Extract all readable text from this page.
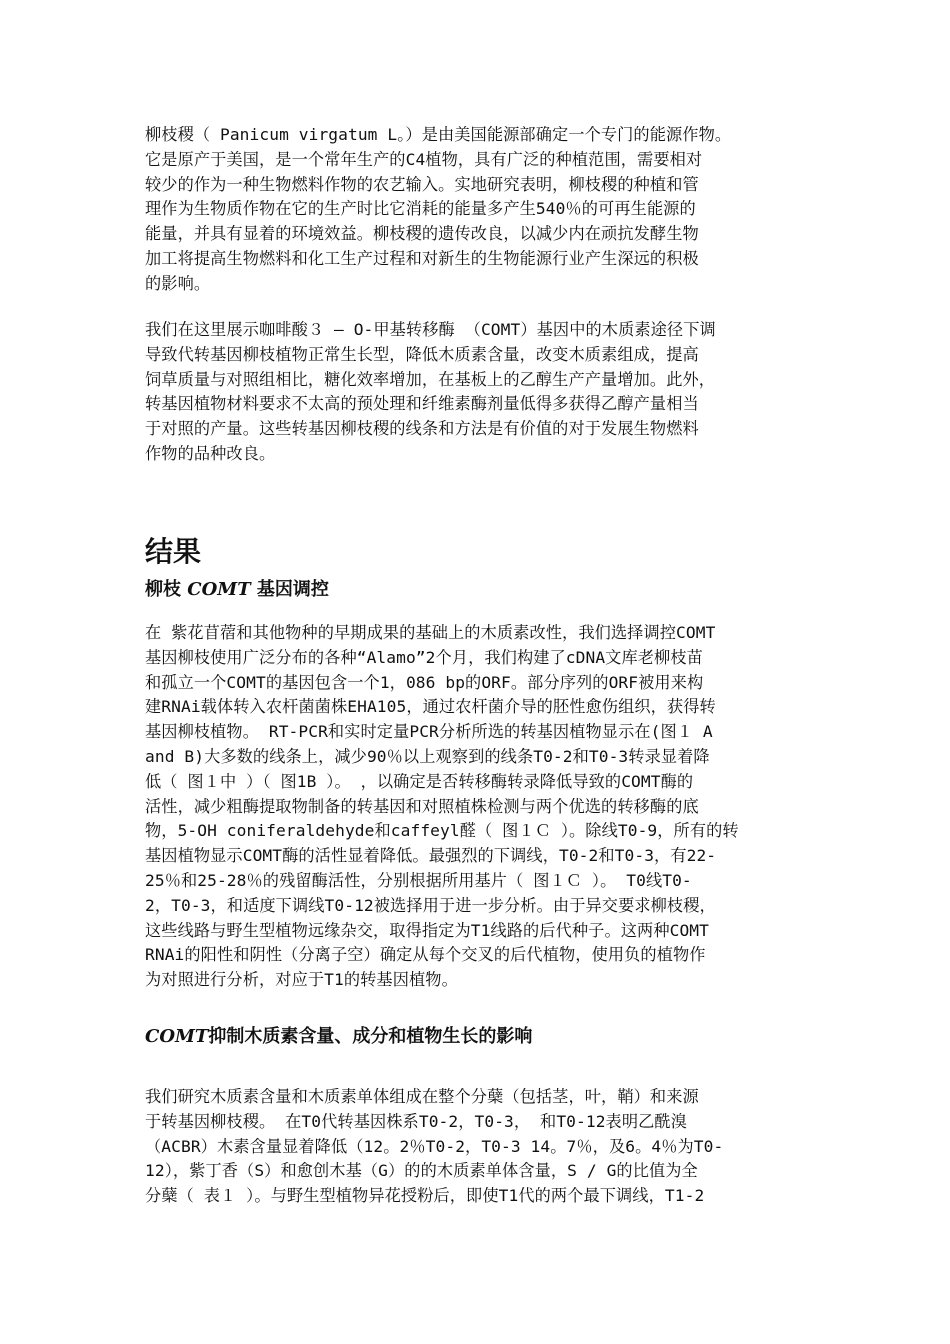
柳枝稷（ Panicum virgatum L。）是由美国能源部确定一个专门的能源作物。
它是原产于美国，是一个常年生产的C4植物，具有广泛的种植范围，需要相对
较少的作为一种生物燃料作物的农艺输入。实地研究表明，柳枝稷的种植和管
理作为生物质作物在它的生产时比它消耗的能量多产生540％的可再生能源的
能量，并具有显着的环境效益。柳枝稷的遗传改良，以减少内在顽抗发酵生物
加工将提高生物燃料和化工生产过程和对新生的生物能源行业产生深远的积极
的影响。
我们在这里展示咖啡酸３ – O-甲基转移酶 （COMT）基因中的木质素途径下调
导致代转基因柳枝植物正常生长型，降低木质素含量，改变木质素组成，提高
饲草质量与对照组相比，糖化效率增加，在基板上的乙醇生产产量增加。此外，
转基因植物材料要求不太高的预处理和纤维素酶剂量低得多获得乙醇产量相当
于对照的产量。这些转基因柳枝稷的线条和方法是有价值的对于发展生物燃料
作物的品种改良。
结果
柳枝 COMT 基因调控
在 紫花苜蓿和其他物种的早期成果的基础上的木质素改性，我们选择调控COMT
基因柳枝使用广泛分布的各种“Alamo”2个月，我们构建了cDNA文库老柳枝苗
和孤立一个COMT的基因包含一个1，086 bp的ORF。部分序列的ORF被用来构
建RNAi载体转入农杆菌菌株EHA105，通过农杆菌介导的胚性愈伤组织，获得转
基因柳枝植物。 RT-PCR和实时定量PCR分析所选的转基因植物显示在(图１ A
and B)大多数的线条上，减少90％以上观察到的线条T0-2和T0-3转录显着降
低（ 图１中 ）（ 图1B ）。 ，以确定是否转移酶转录降低导致的COMT酶的
活性，减少粗酶提取物制备的转基因和对照植株检测与两个优选的转移酶的底
物，5-OH coniferaldehyde和caffeyl醛（ 图１Ｃ ）。除线T0-9，所有的转
基因植物显示COMT酶的活性显着降低。最强烈的下调线，T0-2和T0-3，有22-
25％和25-28％的残留酶活性，分别根据所用基片（ 图１Ｃ ）。 T0线T0-
2，T0-3，和适度下调线T0-12被选择用于进一步分析。由于异交要求柳枝稷，
这些线路与野生型植物远缘杂交，取得指定为T1线路的后代种子。这两种COMT
RNAi的阳性和阴性（分离子空）确定从每个交叉的后代植物，使用负的植物作
为对照进行分析，对应于T1的转基因植物。
COMT抑制木质素含量、成分和植物生长的影响
我们研究木质素含量和木质素单体组成在整个分蘖（包括茎，叶，鞘）和来源
于转基因柳枝稷。 在T0代转基因株系T0-2，T0-3， 和T0-12表明乙酰溴
（ACBR）木素含量显着降低（12。2％T0-2，T0-3 14。7％，及6。4％为T0-
12），紫丁香（S）和愈创木基（G）的的木质素单体含量，S / G的比值为全
分蘖（ 表１ ）。与野生型植物异花授粉后，即使T1代的两个最下调线，T1-2
